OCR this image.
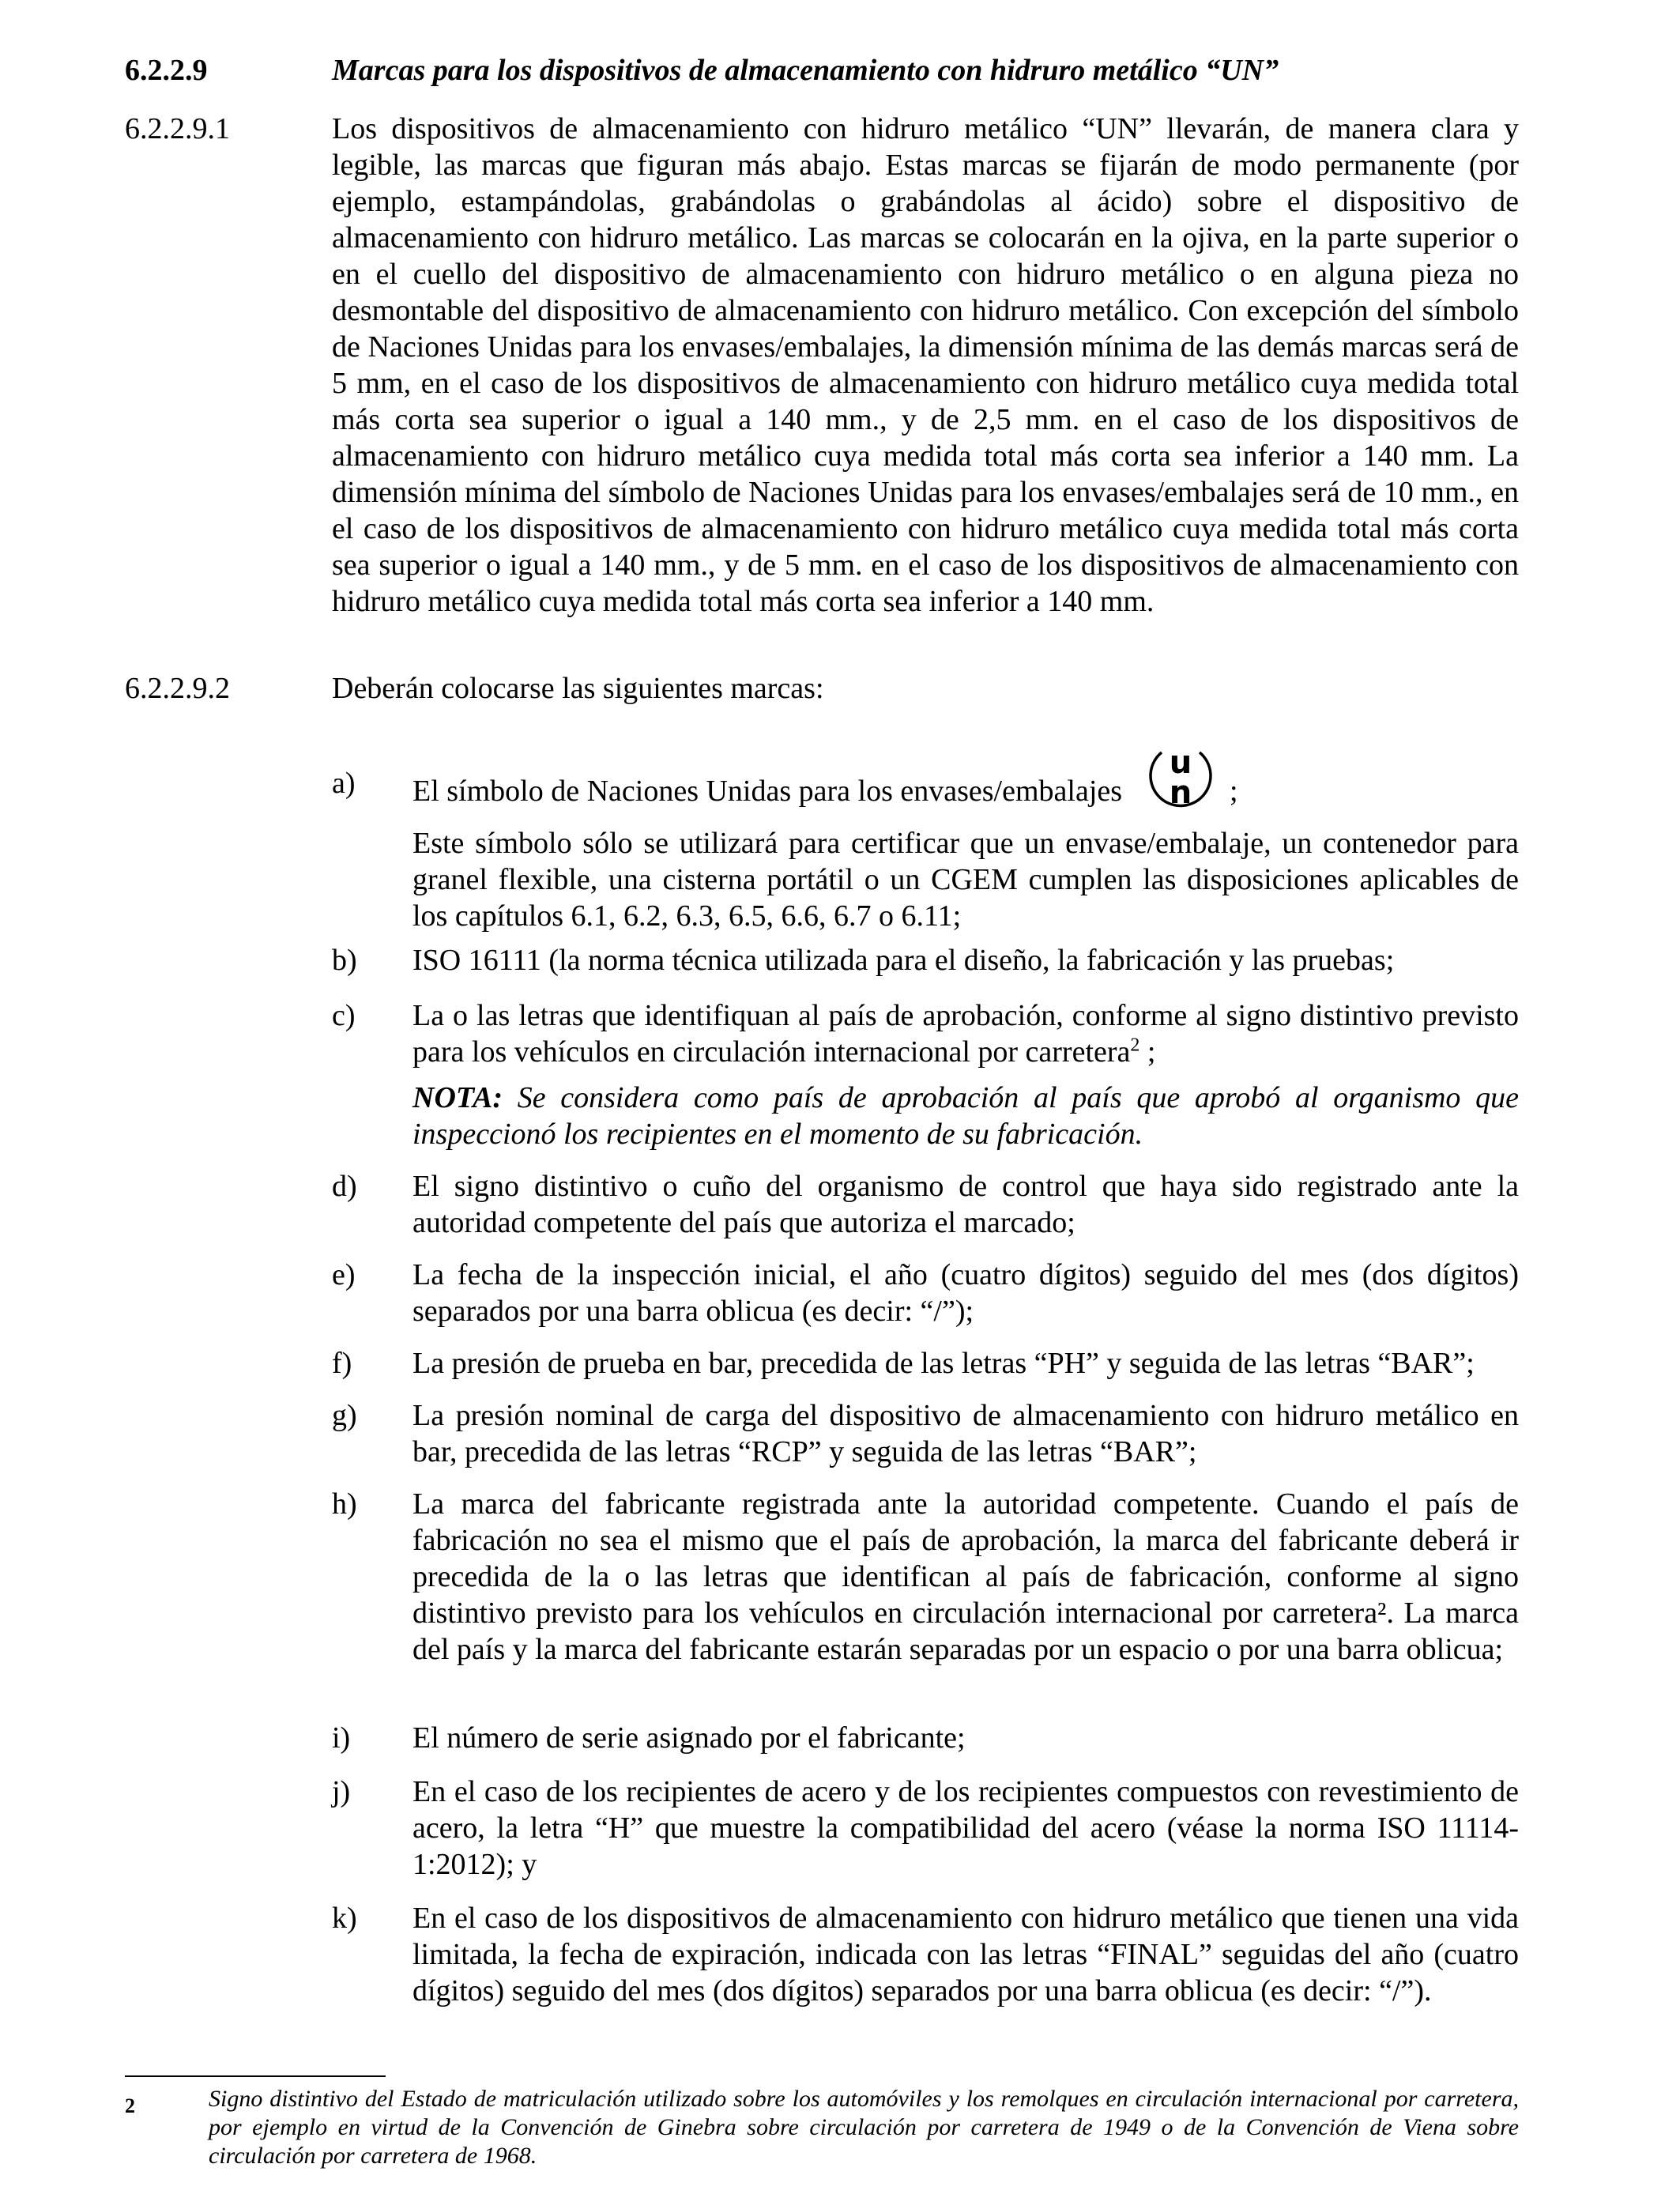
6.2.2.9	Marcas para los dispositivos de almacenamiento con hidruro metálico “UN”
6.2.2.9.1	Los dispositivos de almacenamiento con hidruro metálico “UN” llevarán, de manera clara y legible, las marcas que figuran más abajo. Estas marcas se fijarán de modo permanente (por ejemplo, estampándolas, grabándolas o grabándolas al ácido) sobre el dispositivo de almacenamiento con hidruro metálico. Las marcas se colocarán en la ojiva, en la parte superior o en el cuello del dispositivo de almacenamiento con hidruro metálico o en alguna pieza no desmontable del dispositivo de almacenamiento con hidruro metálico. Con excepción del símbolo de Naciones Unidas para los envases/embalajes, la dimensión mínima de las demás marcas será de 5 mm, en el caso de los dispositivos de almacenamiento con hidruro metálico cuya medida total más corta sea superior o igual a 140 mm., y de 2,5 mm. en el caso de los dispositivos de almacenamiento con hidruro metálico cuya medida total más corta sea inferior a 140 mm. La dimensión mínima del símbolo de Naciones Unidas para los envases/embalajes será de 10 mm., en el caso de los dispositivos de almacenamiento con hidruro metálico cuya medida total más corta sea superior o igual a 140 mm., y de 5 mm. en el caso de los dispositivos de almacenamiento con hidruro metálico cuya medida total más corta sea inferior a 140 mm.
6.2.2.9.2	Deberán colocarse las siguientes marcas:
a) El símbolo de Naciones Unidas para los envases/embalajes
u
n ;
Este símbolo sólo se utilizará para certificar que un envase/embalaje, un contenedor para granel flexible, una cisterna portátil o un CGEM cumplen las disposiciones aplicables de los capítulos 6.1, 6.2, 6.3, 6.5, 6.6, 6.7 o 6.11;
b) ISO 16111 (la norma técnica utilizada para el diseño, la fabricación y las pruebas;
c) La o las letras que identifiquan al país de aprobación, conforme al signo distintivo previsto para los vehículos en circulación internacional por carretera$^2$ ;
NOTA: Se considera como país de aprobación al país que aprobó al organismo que inspeccionó los recipientes en el momento de su fabricación.
d) El signo distintivo o cuño del organismo de control que haya sido registrado ante la autoridad competente del país que autoriza el marcado;
e) La fecha de la inspección inicial, el año (cuatro dígitos) seguido del mes (dos dígitos) separados por una barra oblicua (es decir: “/”);
f) La presión de prueba en bar, precedida de las letras “PH” y seguida de las letras “BAR”;
g) La presión nominal de carga del dispositivo de almacenamiento con hidruro metálico en bar, precedida de las letras “RCP” y seguida de las letras “BAR”;
h) La marca del fabricante registrada ante la autoridad competente. Cuando el país de fabricación no sea el mismo que el país de aprobación, la marca del fabricante deberá ir precedida de la o las letras que identifican al país de fabricación, conforme al signo distintivo previsto para los vehículos en circulación internacional por carretera². La marca del país y la marca del fabricante estarán separadas por un espacio o por una barra oblicua;
i) El número de serie asignado por el fabricante;
j) En el caso de los recipientes de acero y de los recipientes compuestos con revestimiento de acero, la letra “H” que muestre la compatibilidad del acero (véase la norma ISO 11114-1:2012); y
k) En el caso de los dispositivos de almacenamiento con hidruro metálico que tienen una vida limitada, la fecha de expiración, indicada con las letras “FINAL” seguidas del año (cuatro dígitos) seguido del mes (dos dígitos) separados por una barra oblicua (es decir: “/”).
2	Signo distintivo del Estado de matriculación utilizado sobre los automóviles y los remolques en circulación internacional por carretera, por ejemplo en virtud de la Convención de Ginebra sobre circulación por carretera de 1949 o de la Convención de Viena sobre circulación por carretera de 1968.
